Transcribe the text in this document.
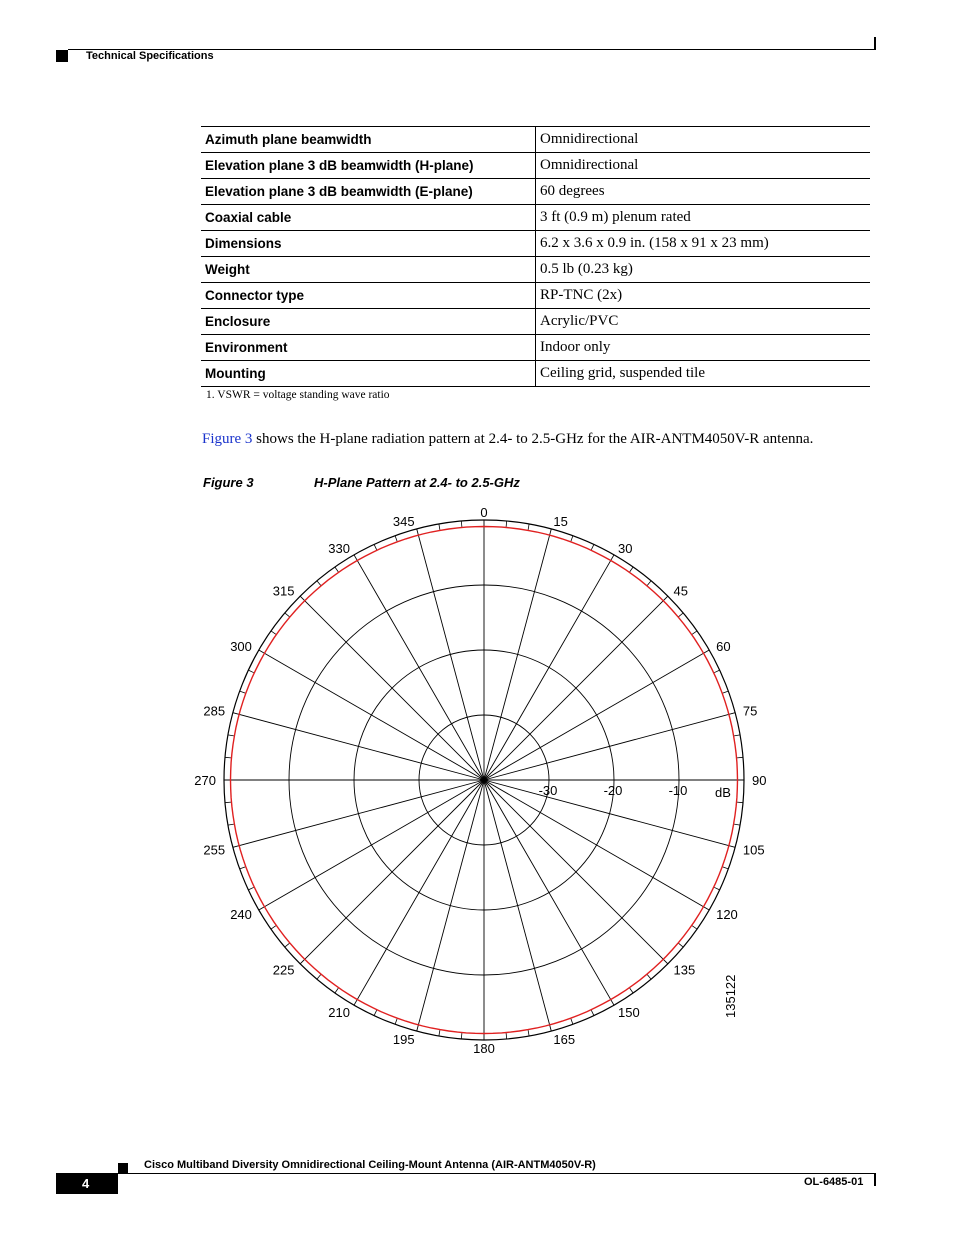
Technical Specifications
Azimuth plane beamwidth	Omnidirectional
Elevation plane 3 dB beamwidth (H-plane)	Omnidirectional
Elevation plane 3 dB beamwidth (E-plane)	60 degrees
Coaxial cable	3 ft (0.9 m) plenum rated
Dimensions	6.2 x 3.6 x 0.9 in. (158 x 91 x 23 mm)
Weight	0.5 lb (0.23 kg)
Connector type	RP-TNC (2x)
Enclosure	Acrylic/PVC
Environment	Indoor only
Mounting	Ceiling grid, suspended tile
1. VSWR = voltage standing wave ratio
Figure 3 shows the H-plane radiation pattern at 2.4- to 2.5-GHz for the AIR-ANTM4050V-R antenna.
Figure 3	H-Plane Pattern at 2.4- to 2.5-GHz
0
15
30
45
60
75
90
105
120
135
150
165
180
195
210
225
240
255
270
285
300
315
330
345
-30	-20	-10 dB
135122
Cisco Multiband Diversity Omnidirectional Ceiling-Mount Antenna (AIR-ANTM4050V-R)
4	OL-6485-01
